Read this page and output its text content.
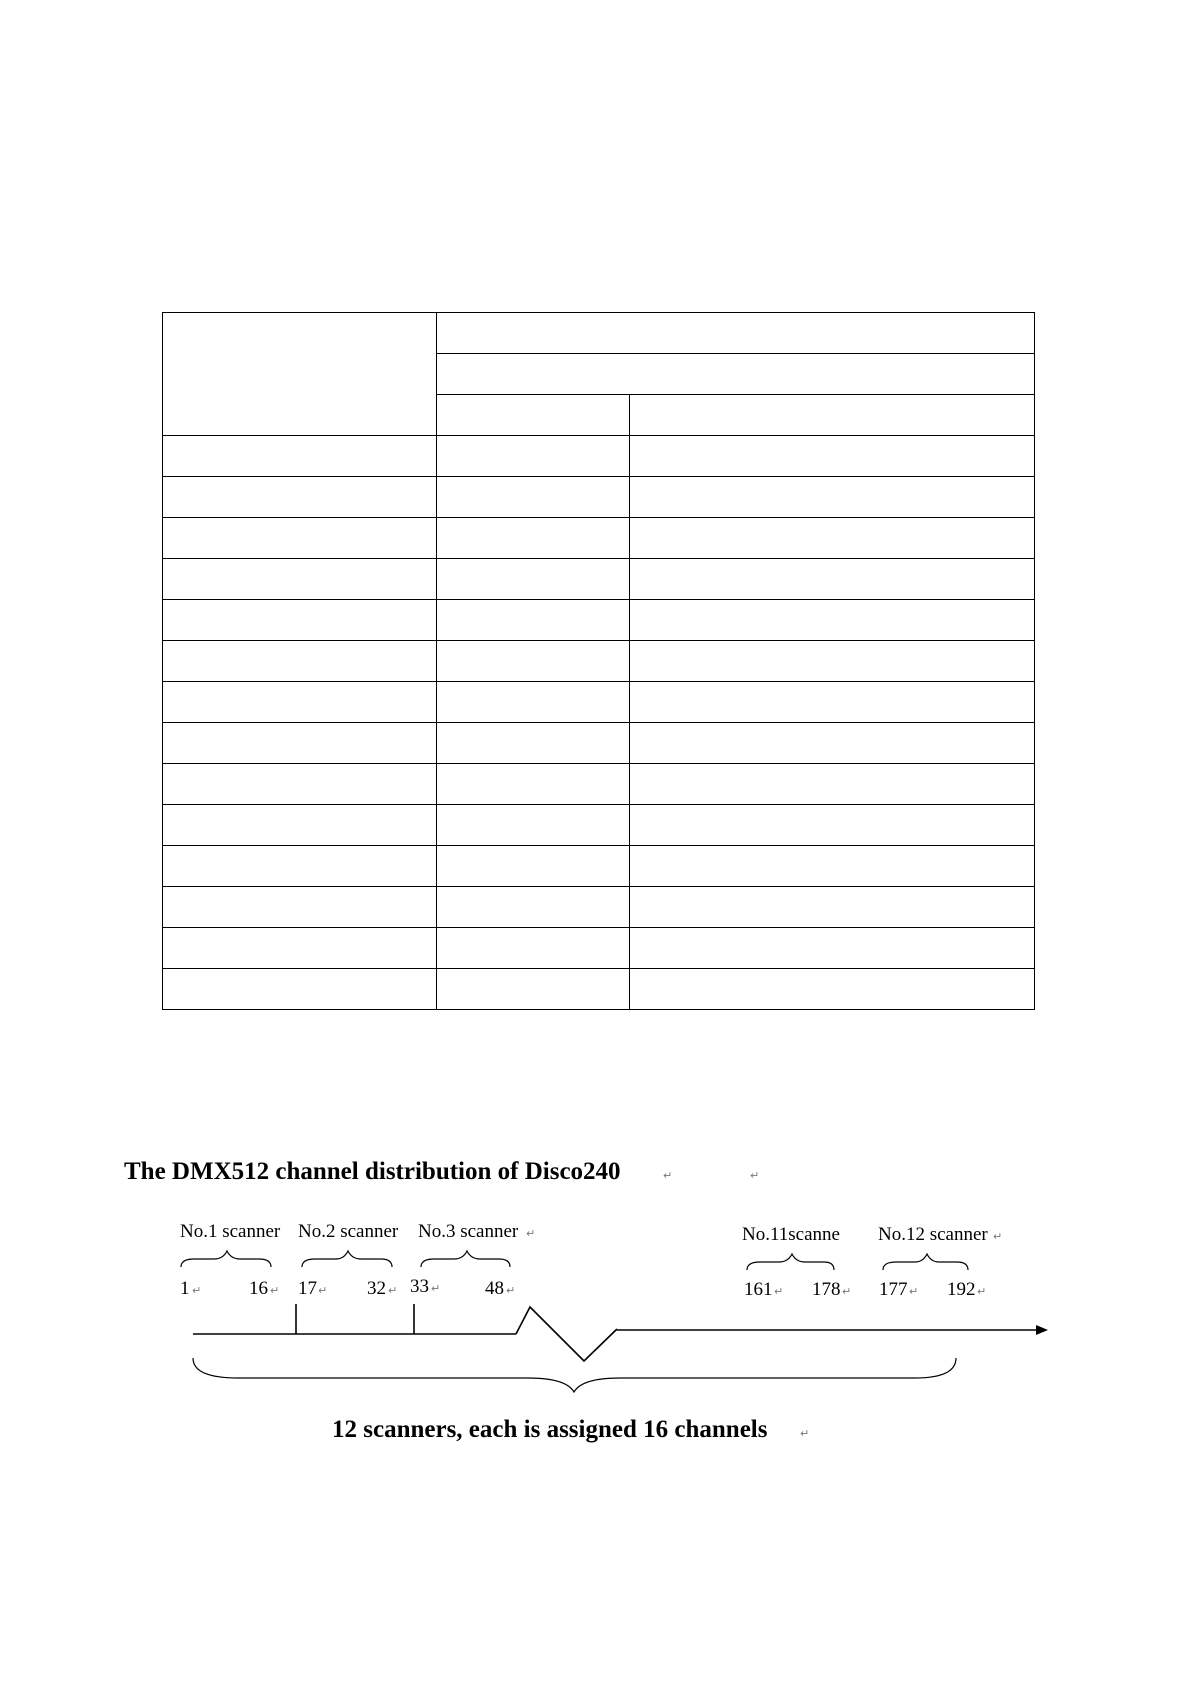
The DMX512 channel distribution of Disco240	↵	↵
No.1 scanner
1 ↵	16 ↵
No.2 scanner
17 ↵ 32 ↵
No.3 scanner ↵
33 ↵ 48 ↵
No.11scanne
161 ↵ 178 ↵
No.12 scanner ↵
177 ↵ 192 ↵
12 scanners, each is assigned 16 channels	↵
